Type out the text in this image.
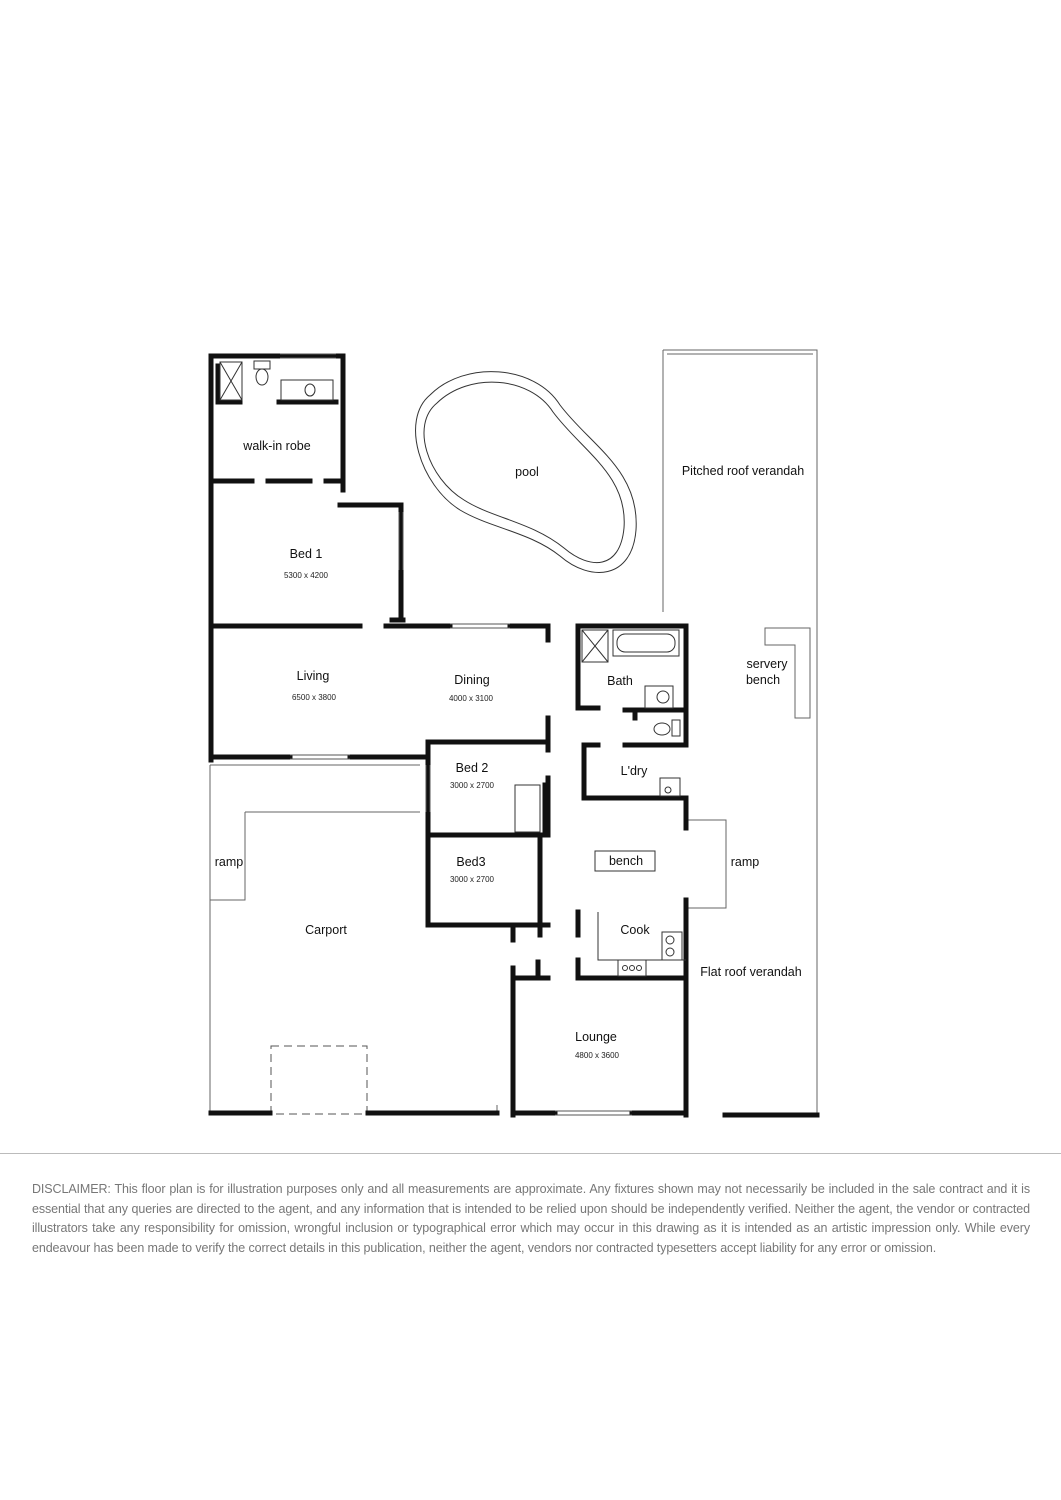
walk-in robe
pool	Pitched roof verandah
Bed 1
5300 x 4200
Living
6500 x 3800
Dining
4000 x 3100
Bath
servery
bench
Bed 2
3000 x 2700
L'dry
ramp	Bed3
3000 x 2700
bench	ramp
Carport	Cook
Flat roof verandah
Lounge
4800 x 3600
DISCLAIMER: This floor plan is for illustration purposes only and all measurements are approximate. Any fixtures shown may not necessarily be included in the sale contract and it is essential that any queries are directed to the agent, and any information that is intended to be relied upon should be independently verified. Neither the agent, the vendor or contracted illustrators take any responsibility for omission, wrongful inclusion or typographical error which may occur in this drawing as it is intended as an artistic impression only. While every endeavour has been made to verify the correct details in this publication, neither the agent, vendors nor contracted typesetters accept liability for any error or omission.
